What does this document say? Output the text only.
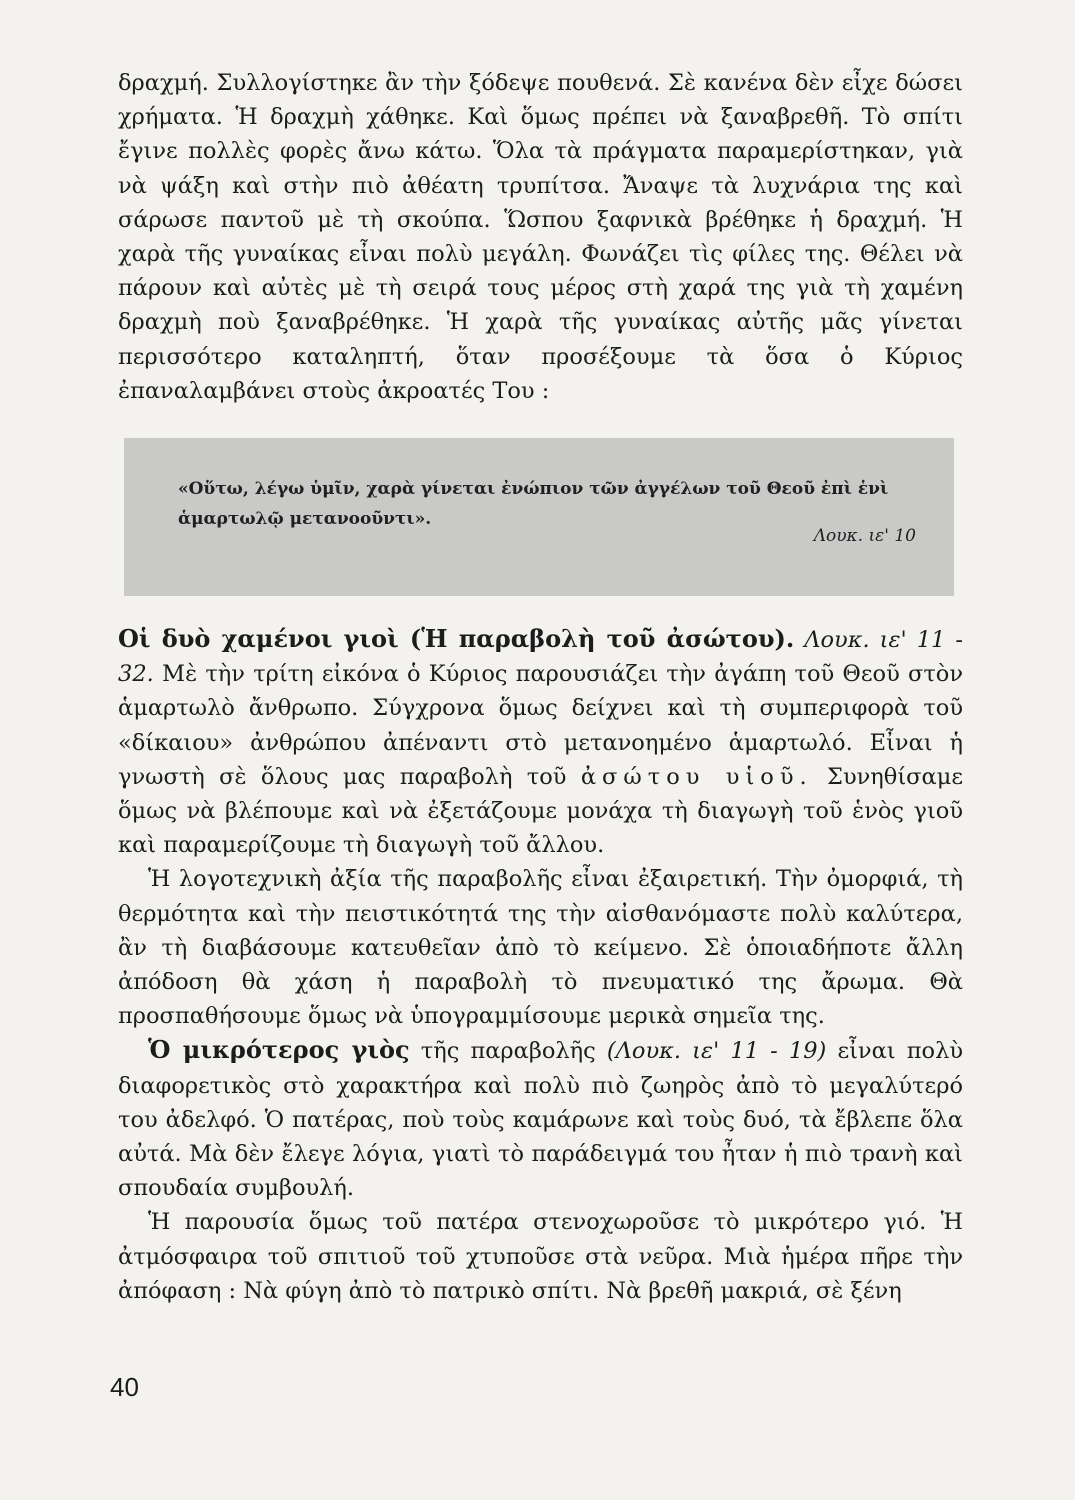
δραχμή. Συλλογίστηκε ἂν τὴν ξόδεψε πουθενά. Σὲ κανένα δὲν εἶχε δώσει χρήματα. Ἡ δραχμὴ χάθηκε. Καὶ ὅμως πρέπει νὰ ξαναβρεθῆ. Τὸ σπίτι ἔγινε πολλὲς φορὲς ἄνω κάτω. Ὅλα τὰ πράγματα παραμερίστηκαν, γιὰ νὰ ψάξη καὶ στὴν πιὸ ἀθέατη τρυπίτσα. Ἄναψε τὰ λυχνάρια της καὶ σάρωσε παντοῦ μὲ τὴ σκούπα. Ὥσπου ξαφνικὰ βρέθηκε ἡ δραχμή. Ἡ χαρὰ τῆς γυναίκας εἶναι πολὺ μεγάλη. Φωνάζει τὶς φίλες της. Θέλει νὰ πάρουν καὶ αὐτὲς μὲ τὴ σειρά τους μέρος στὴ χαρά της γιὰ τὴ χαμένη δραχμὴ ποὺ ξαναβρέθηκε. Ἡ χαρὰ τῆς γυναίκας αὐτῆς μᾶς γίνεται περισσότερο καταληπτή, ὅταν προσέξουμε τὰ ὅσα ὁ Κύριος ἐπαναλαμβάνει στοὺς ἀκροατές Του :

«Οὕτω, λέγω ὑμῖν, χαρὰ γίνεται ἐνώπιον τῶν ἀγγέλων τοῦ Θεοῦ ἐπὶ ἑνὶ ἁμαρτωλῷ μετανοοῦντι».
Λουκ. ιε' 10

Οἱ δυὸ χαμένοι γιοὶ (Ἡ παραβολὴ τοῦ ἀσώτου). Λουκ. ιε' 11 - 32. Μὲ τὴν τρίτη εἰκόνα ὁ Κύριος παρουσιάζει τὴν ἀγάπη τοῦ Θεοῦ στὸν ἁμαρτωλὸ ἄνθρωπο. Σύγχρονα ὅμως δείχνει καὶ τὴ συμπεριφορὰ τοῦ «δίκαιου» ἀνθρώπου ἀπέναντι στὸ μετανοημένο ἁμαρτωλό. Εἶναι ἡ γνωστὴ σὲ ὅλους μας παραβολὴ τοῦ ἀσώτου υἱοῦ. Συνηθίσαμε ὅμως νὰ βλέπουμε καὶ νὰ ἐξετάζουμε μονάχα τὴ διαγωγὴ τοῦ ἑνὸς γιοῦ καὶ παραμερίζουμε τὴ διαγωγὴ τοῦ ἄλλου.

Ἡ λογοτεχνικὴ ἀξία τῆς παραβολῆς εἶναι ἐξαιρετική. Τὴν ὀμορφιά, τὴ θερμότητα καὶ τὴν πειστικότητά της τὴν αἰσθανόμαστε πολὺ καλύτερα, ἂν τὴ διαβάσουμε κατευθεῖαν ἀπὸ τὸ κείμενο. Σὲ ὁποιαδήποτε ἄλλη ἀπόδοση θὰ χάση ἡ παραβολὴ τὸ πνευματικό της ἄρωμα. Θὰ προσπαθήσουμε ὅμως νὰ ὑπογραμμίσουμε μερικὰ σημεῖα της.

Ὁ μικρότερος γιὸς τῆς παραβολῆς (Λουκ. ιε' 11 - 19) εἶναι πολὺ διαφορετικὸς στὸ χαρακτήρα καὶ πολὺ πιὸ ζωηρὸς ἀπὸ τὸ μεγαλύτερό του ἀδελφό. Ὁ πατέρας, ποὺ τοὺς καμάρωνε καὶ τοὺς δυό, τὰ ἔβλεπε ὅλα αὐτά. Μὰ δὲν ἔλεγε λόγια, γιατὶ τὸ παράδειγμά του ἦταν ἡ πιὸ τρανὴ καὶ σπουδαία συμβουλή.

Ἡ παρουσία ὅμως τοῦ πατέρα στενοχωροῦσε τὸ μικρότερο γιό. Ἡ ἀτμόσφαιρα τοῦ σπιτιοῦ τοῦ χτυποῦσε στὰ νεῦρα. Μιὰ ἡμέρα πῆρε τὴν ἀπόφαση : Νὰ φύγη ἀπὸ τὸ πατρικὸ σπίτι. Νὰ βρεθῆ μακριά, σὲ ξένη

40
